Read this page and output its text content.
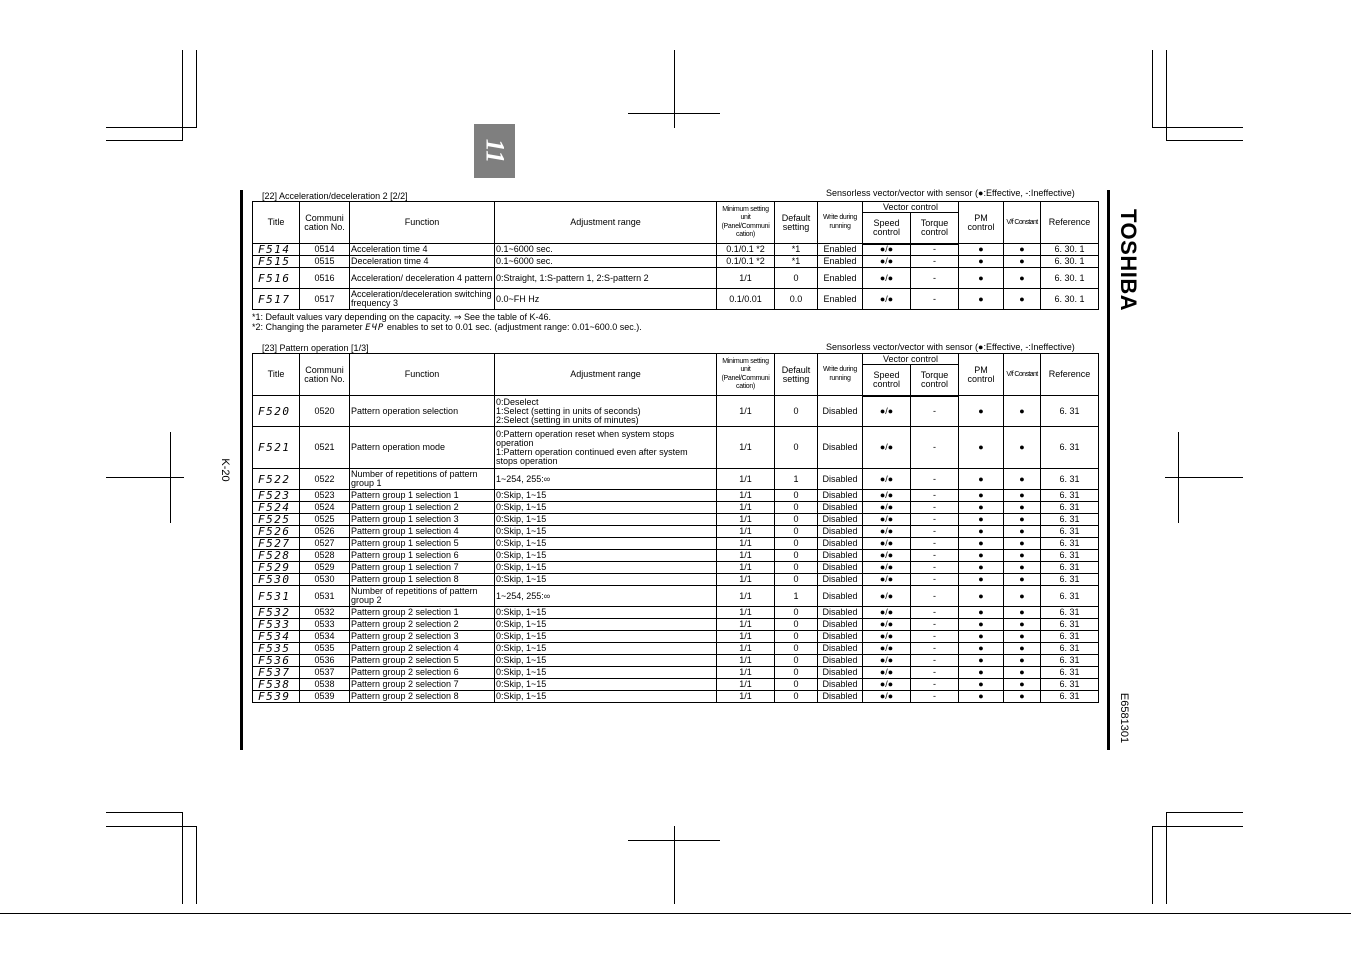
11
TOSHIBA
E6581301
K-20
[22] Acceleration/deceleration 2 [2/2]	Sensorless vector/vector with sensor (●:Effective, -:Ineffective)
Title	Communi cation No.	Function	Adjustment range	Minimum setting unit (Panel/Communi cation)	Default setting	Write during running	Vector control		PM control	V/f Constant	Reference
							Speed control	Torque control			
F514	0514	Acceleration time 4	0.1~6000 sec.	0.1/0.1 *2	*1	Enabled	●/●	-	●	●	6. 30. 1
F515	0515	Deceleration time 4	0.1~6000 sec.	0.1/0.1 *2	*1	Enabled	●/●	-	●	●	6. 30. 1
F516	0516	Acceleration/ deceleration 4 pattern	0:Straight, 1:S-pattern 1, 2:S-pattern 2	1/1	0	Enabled	●/●	-	●	●	6. 30. 1
F517	0517	Acceleration/deceleration switching frequency 3	0.0~FH Hz	0.1/0.01	0.0	Enabled	●/●	-	●	●	6. 30. 1
*1: Default values vary depending on the capacity. ⇒ See the table of K-46.
*2: Changing the parameter ЕЧР enables to set to 0.01 sec. (adjustment range: 0.01~600.0 sec.).
[23] Pattern operation [1/3]	Sensorless vector/vector with sensor (●:Effective, -:Ineffective)
Title	Communi cation No.	Function	Adjustment range	Minimum setting unit (Panel/Communi cation)	Default setting	Write during running	Vector control		PM control	V/f Constant	Reference
							Speed control	Torque control			
F520	0520	Pattern operation selection	0:Deselect
1:Select (setting in units of seconds)
2:Select (setting in units of minutes)	1/1	0	Disabled	●/●	-	●	●	6. 31
F521	0521	Pattern operation mode	0:Pattern operation reset when system stops
operation
1:Pattern operation continued even after system
stops operation	1/1	0	Disabled	●/●	-	●	●	6. 31
F522	0522	Number of repetitions of pattern group 1	1~254, 255:∞	1/1	1	Disabled	●/●	-	●	●	6. 31
F523	0523	Pattern group 1 selection 1	0:Skip, 1~15	1/1	0	Disabled	●/●	-	●	●	6. 31
F524	0524	Pattern group 1 selection 2	0:Skip, 1~15	1/1	0	Disabled	●/●	-	●	●	6. 31
F525	0525	Pattern group 1 selection 3	0:Skip, 1~15	1/1	0	Disabled	●/●	-	●	●	6. 31
F526	0526	Pattern group 1 selection 4	0:Skip, 1~15	1/1	0	Disabled	●/●	-	●	●	6. 31
F527	0527	Pattern group 1 selection 5	0:Skip, 1~15	1/1	0	Disabled	●/●	-	●	●	6. 31
F528	0528	Pattern group 1 selection 6	0:Skip, 1~15	1/1	0	Disabled	●/●	-	●	●	6. 31
F529	0529	Pattern group 1 selection 7	0:Skip, 1~15	1/1	0	Disabled	●/●	-	●	●	6. 31
F530	0530	Pattern group 1 selection 8	0:Skip, 1~15	1/1	0	Disabled	●/●	-	●	●	6. 31
F531	0531	Number of repetitions of pattern group 2	1~254, 255:∞	1/1	1	Disabled	●/●	-	●	●	6. 31
F532	0532	Pattern group 2 selection 1	0:Skip, 1~15	1/1	0	Disabled	●/●	-	●	●	6. 31
F533	0533	Pattern group 2 selection 2	0:Skip, 1~15	1/1	0	Disabled	●/●	-	●	●	6. 31
F534	0534	Pattern group 2 selection 3	0:Skip, 1~15	1/1	0	Disabled	●/●	-	●	●	6. 31
F535	0535	Pattern group 2 selection 4	0:Skip, 1~15	1/1	0	Disabled	●/●	-	●	●	6. 31
F536	0536	Pattern group 2 selection 5	0:Skip, 1~15	1/1	0	Disabled	●/●	-	●	●	6. 31
F537	0537	Pattern group 2 selection 6	0:Skip, 1~15	1/1	0	Disabled	●/●	-	●	●	6. 31
F538	0538	Pattern group 2 selection 7	0:Skip, 1~15	1/1	0	Disabled	●/●	-	●	●	6. 31
F539	0539	Pattern group 2 selection 8	0:Skip, 1~15	1/1	0	Disabled	●/●	-	●	●	6. 31
